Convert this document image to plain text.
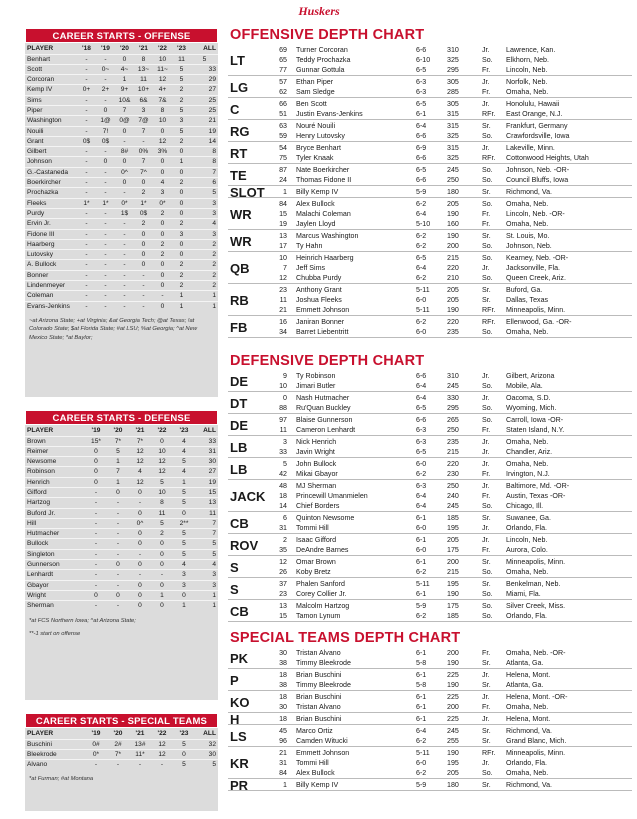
Huskers
CAREER STARTS - OFFENSE
PLAYER	'18	'19	'20	'21	'22	'23	ALL	
Benhart	-	-	0	8	10	11	5	
Scott	-	0~	4~	13~	11~	5	33	
Corcoran	-	-	1	11	12	5	29	
Kemp IV	0+	2+	9+	10+	4+	2	27	
Sims	-	-	10&	6&	7&	2	25	
Piper	-	0	7	3	8	5	25	
Washington	-	1@	0@	7@	10	3	21	
Nouili	-	7!	0	7	0	5	19	
Grant	0$	0$	-	-	12	2	14	
Gilbert	-	-	8#	0%	3%	0	8	
Johnson	-	0	0	7	0	1	8	
G.-Castaneda	-	-	0^	7^	0	0	7	
Boerkircher	-	-	0	0	4	2	6	
Prochazka	-	-	-	2	3	0	5	
Fleeks	1*	1*	0*	1*	0*	0	3	
Purdy	-	-	1$	0$	2	0	3	
Ervin Jr.	-	-	-	2	0	2	4	
Fidone III	-	-	-	0	0	3	3	
Haarberg	-	-	-	0	2	0	2	
Lutovsky	-	-	-	0	2	0	2	
A. Bullock	-	-	-	0	0	2	2	
Bonner	-	-	-	-	0	2	2	
Lindenmeyer	-	-	-	-	0	2	2	
Coleman	-	-	-	-	-	1	1	
Evans-Jenkins	-	-	-	-	0	1	1	
~at Arizona State; +at Virginia; &at Georgia Tech; @at Texas; !at Colorado State; $at Florida State; #at LSU; %at Georgia; ^at New Mexico State; *at Baylor;
CAREER STARTS - DEFENSE
PLAYER	'19	'20	'21	'22	'23	ALL
Brown	15*	7*	7*	0	4	33
Reimer	0	5	12	10	4	31
Newsome	0	1	12	12	5	30
Robinson	0	7	4	12	4	27
Henrich	0	1	12	5	1	19
Gifford	-	0	0	10	5	15
Hartzog	-	-	-	8	5	13
Buford Jr.	-	-	0	11	0	11
Hill	-	-	0^	5	2**	7
Hutmacher	-	-	0	2	5	7
Bullock	-	-	0	0	5	5
Singleton	-	-	-	0	5	5
Gunnerson	-	0	0	0	4	4
Lenhardt	-	-	-	-	3	3
Gbayor	-	-	0	0	3	3
Wright	0	0	0	1	0	1
Sherman	-	-	0	0	1	1
*at FCS Northern Iowa; ^at Arizona State;
**-1 start on offense
CAREER STARTS - SPECIAL TEAMS
PLAYER	'19	'20	'21	'22	'23	ALL
Buschini	0#	2#	13#	12	5	32
Bleekrode	0*	7*	11*	12	0	30
Alvano	-	-	-	-	5	5
*at Furman; #at Montana
OFFENSIVE DEPTH CHART
LT
69 Turner Corcoran	6-6	310	Jr. Lawrence, Kan.
65 Teddy Prochazka	6-10 325	So. Elkhorn, Neb.
77 Gunnar Gottula	6-5	295	Fr. Lincoln, Neb.
LG	57 Ethan Piper	6-3	305	Jr. Norfolk, Neb.
62 Sam Sledge	6-3	285	Fr. Omaha, Neb.
C	66 Ben Scott	6-5	305	Jr. Honolulu, Hawaii
51 Justin Evans-Jenkins	6-1	315	RFr. East Orange, N.J.
RG	63 Nouré Nouili	6-4	315	Sr. Frankfurt, Germany
59 Henry Lutovsky	6-6	325	So. Crawfordsville, Iowa
RT	54 Bryce Benhart	6-9	315	Jr. Lakeville, Minn.
75 Tyler Knaak	6-6	325	RFr. Cottonwood Heights, Utah
TE	87 Nate Boerkircher	6-5	245	So. Johnson, Neb. -OR-
24 Thomas Fidone II	6-6	250	So. Council Bluffs, Iowa
SLOT	1 Billy Kemp IV	5-9	180	Sr. Richmond, Va.
WR
84 Alex Bullock	6-2	205	So. Omaha, Neb.
15 Malachi Coleman	6-4	190	Fr. Lincoln, Neb. -OR-
19 Jaylen Lloyd	5-10 160	Fr. Omaha, Neb.
WR	13 Marcus Washington	6-2	190	Sr. St. Louis, Mo.
17 Ty Hahn	6-2	200	So. Johnson, Neb.
QB
10 Heinrich Haarberg	6-5	215	So. Kearney, Neb. -OR-
7 Jeff Sims	6-4	220	Jr. Jacksonville, Fla.
12 Chubba Purdy	6-2	210	So. Queen Creek, Ariz.
RB
23 Anthony Grant	5-11 205	Sr. Buford, Ga.
11 Joshua Fleeks	6-0	205	Sr. Dallas, Texas
21 Emmett Johnson	5-11 190	RFr. Minneapolis, Minn.
FB	16 Janiran Bonner	6-2	220	RFr. Ellenwood, Ga. -OR-
34 Barret Liebentritt	6-0	235	So. Omaha, Neb.
DEFENSIVE DEPTH CHART
DE	9 Ty Robinson	6-6	310	Jr. Gilbert, Arizona
10 Jimari Butler	6-4	245	So. Mobile, Ala.
DT	0 Nash Hutmacher	6-4	330	Jr. Oacoma, S.D.
88 Ru'Quan Buckley	6-5	295	So. Wyoming, Mich.
DE	97 Blaise Gunnerson	6-6	265	So. Carroll, Iowa -OR-
11 Cameron Lenhardt	6-3	250	Fr. Staten Island, N.Y.
LB	3 Nick Henrich	6-3	235	Jr. Omaha, Neb.
33 Javin Wright	6-5	215	Jr. Chandler, Ariz.
LB	5 John Bullock	6-0	220	Jr. Omaha, Neb.
42 Mikai Gbayor	6-2	230	Fr. Irvington, N.J.
JACK
48 MJ Sherman	6-3	250	Jr. Baltimore, Md. -OR-
18 Princewill Umanmielen	6-4	240	Fr. Austin, Texas -OR-
14 Chief Borders	6-4	245	So. Chicago, Ill.
CB	6 Quinton Newsome	6-1	185	Sr. Suwanee, Ga.
31 Tommi Hill	6-0	195	Jr. Orlando, Fla.
ROV	2 Isaac Gifford	6-1	205	Jr. Lincoln, Neb.
35 DeAndre Barnes	6-0	175	Fr. Aurora, Colo.
S	12 Omar Brown	6-1	200	Sr. Minneapolis, Minn.
26 Koby Bretz	6-2	215	So. Omaha, Neb.
S	37 Phalen Sanford	5-11 195	Sr. Benkelman, Neb.
23 Corey Collier Jr.	6-1	190	So. Miami, Fla.
CB	13 Malcolm Hartzog	5-9	175	So. Silver Creek, Miss.
15 Tamon Lynum	6-2	185	So. Orlando, Fla.
SPECIAL TEAMS DEPTH CHART
PK	30 Tristan Alvano	6-1	200	Fr. Omaha, Neb. -OR-
38 Timmy Bleekrode	5-8	190	Sr. Atlanta, Ga.
P	18 Brian Buschini	6-1	225	Jr. Helena, Mont.
38 Timmy Bleekrode	5-8	190	Sr. Atlanta, Ga.
KO	18 Brian Buschini	6-1	225	Jr. Helena, Mont. -OR-
30 Tristan Alvano	6-1	200	Fr. Omaha, Neb.
H	18 Brian Buschini	6-1	225	Jr. Helena, Mont.
LS	45 Marco Ortiz	6-4	245	Sr. Richmond, Va.
96 Camden Witucki	6-2	255	Sr. Grand Blanc, Mich.
KR
21 Emmett Johnson	5-11 190	RFr. Minneapolis, Minn.
31 Tommi Hill	6-0	195	Jr. Orlando, Fla.
84 Alex Bullock	6-2	205	So. Omaha, Neb.
PR	1 Billy Kemp IV	5-9	180	Sr. Richmond, Va.
